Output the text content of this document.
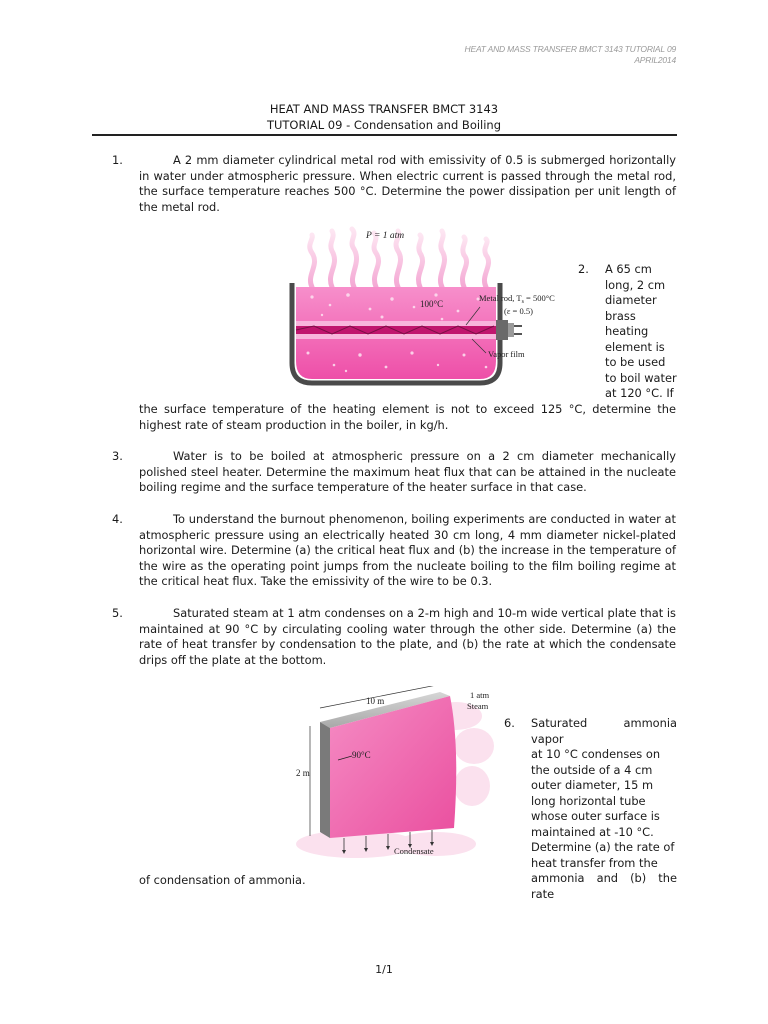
HEAT AND MASS TRANSFER BMCT 3143 TUTORIAL 09
APRIL2014
HEAT AND MASS TRANSFER BMCT 3143
TUTORIAL 09 - Condensation and Boiling
1.	A 2 mm diameter cylindrical metal rod with emissivity of 0.5 is submerged horizontally in water under atmospheric pressure. When electric current is passed through the metal rod, the surface temperature reaches 500 °C. Determine the power dissipation per unit length of the metal rod.
P = 1 atm
100°C
Metal rod, $T_s = 500^\circ C$
(ε = 0.5)
Vapor film
2. A 65 cm
long, 2 cm
diameter
brass
heating
element is
to be used
to boil water
at 120 °C. If
the surface temperature of the heating element is not to exceed 125 °C, determine the highest rate of steam production in the boiler, in kg/h.
3.	Water is to be boiled at atmospheric pressure on a 2 cm diameter mechanically polished steel heater. Determine the maximum heat flux that can be attained in the nucleate boiling regime and the surface temperature of the heater surface in that case.
4.	To understand the burnout phenomenon, boiling experiments are conducted in water at atmospheric pressure using an electrically heated 30 cm long, 4 mm diameter nickel-plated horizontal wire. Determine (a) the critical heat flux and (b) the increase in the temperature of the wire as the operating point jumps from the nucleate boiling to the film boiling regime at the critical heat flux. Take the emissivity of the wire to be 0.3.
5.	Saturated steam at 1 atm condenses on a 2-m high and 10-m wide vertical plate that is maintained at 90 °C by circulating cooling water through the other side. Determine (a) the rate of heat transfer by condensation to the plate, and (b) the rate at which the condensate drips off the plate at the bottom.
10 m
2 m
90°C
1 atm
Steam
Condensate
6. Saturated ammonia vapor
at 10 °C condenses on
the outside of a 4 cm
outer diameter, 15 m
long horizontal tube
whose outer surface is
maintained at -10 °C.
Determine (a) the rate of
heat transfer from the
ammonia and (b) the rate
of condensation of ammonia.
1/1
